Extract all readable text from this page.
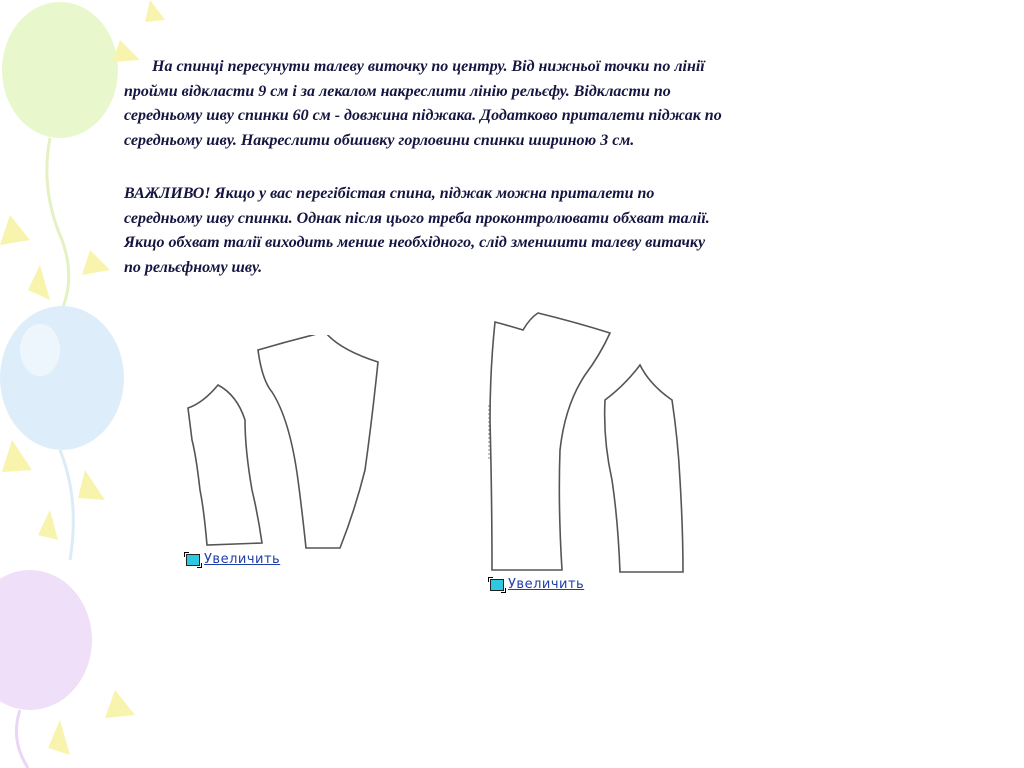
На спинці пересунути талеву виточку по центру. Від нижньої точки по лінії
пройми відкласти 9 см і за лекалом накреслити лінію рельєфу. Відкласти по
середньому шву спинки 60 см - довжина піджака. Додатково приталети піджак по
середньому шву. Накреслити обшивку горловини спинки шириною 3 см.

ВАЖЛИВО! Якщо у вас перегібістая спина, піджак можна приталети по
середньому шву спинки. Однак після цього треба проконтролювати обхват талії.
Якщо обхват талії виходить менше необхідного, слід зменшити талеву витачку
по рельєфному шву.

Увеличить
Увеличить
